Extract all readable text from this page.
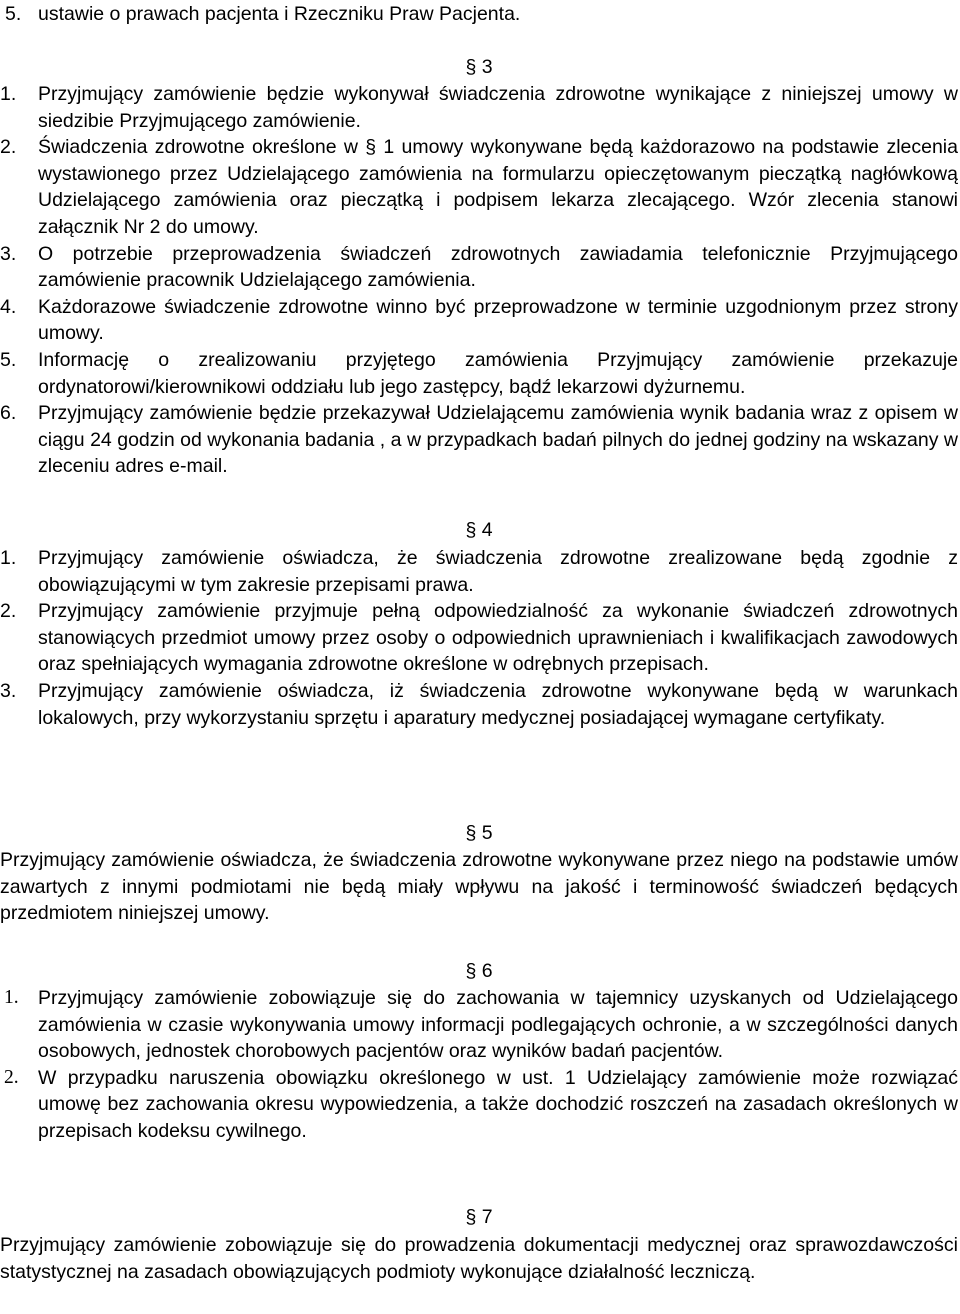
5. ustawie o prawach pacjenta i Rzeczniku Praw Pacjenta.
§ 3
1. Przyjmujący zamówienie będzie wykonywał świadczenia zdrowotne wynikające z niniejszej umowy w siedzibie Przyjmującego zamówienie.
2. Świadczenia zdrowotne określone w § 1 umowy wykonywane będą każdorazowo na podstawie zlecenia wystawionego przez Udzielającego zamówienia na formularzu opieczętowanym pieczątką nagłówkową Udzielającego zamówienia oraz pieczątką i podpisem lekarza zlecającego. Wzór zlecenia stanowi załącznik Nr 2 do umowy.
3. O potrzebie przeprowadzenia świadczeń zdrowotnych zawiadamia telefonicznie Przyjmującego zamówienie pracownik Udzielającego zamówienia.
4. Każdorazowe świadczenie zdrowotne winno być przeprowadzone w terminie uzgodnionym przez strony umowy.
5. Informację o zrealizowaniu przyjętego zamówienia Przyjmujący zamówienie przekazuje ordynatorowi/kierownikowi oddziału lub jego zastępcy, bądź lekarzowi dyżurnemu.
6. Przyjmujący zamówienie będzie przekazywał Udzielającemu zamówienia wynik badania wraz z opisem w ciągu 24 godzin od wykonania badania , a w przypadkach badań pilnych do jednej godziny na wskazany w zleceniu adres e-mail.
§ 4
1. Przyjmujący zamówienie oświadcza, że świadczenia zdrowotne zrealizowane będą zgodnie z obowiązującymi w tym zakresie przepisami prawa.
2. Przyjmujący zamówienie przyjmuje pełną odpowiedzialność za wykonanie świadczeń zdrowotnych stanowiących przedmiot umowy przez osoby o odpowiednich uprawnieniach i kwalifikacjach zawodowych oraz spełniających wymagania zdrowotne określone w odrębnych przepisach.
3. Przyjmujący zamówienie oświadcza, iż świadczenia zdrowotne wykonywane będą w warunkach lokalowych, przy wykorzystaniu sprzętu i aparatury medycznej posiadającej wymagane certyfikaty.
§ 5
Przyjmujący zamówienie oświadcza, że świadczenia zdrowotne wykonywane przez niego na podstawie umów zawartych z innymi podmiotami nie będą miały wpływu na jakość i terminowość świadczeń będących przedmiotem niniejszej umowy.
§ 6
1. Przyjmujący zamówienie zobowiązuje się do zachowania w tajemnicy uzyskanych od Udzielającego zamówienia w czasie wykonywania umowy informacji podlegających ochronie, a w szczególności danych osobowych, jednostek chorobowych pacjentów oraz wyników badań pacjentów.
2. W przypadku naruszenia obowiązku określonego w ust. 1 Udzielający zamówienie może rozwiązać umowę bez zachowania okresu wypowiedzenia, a także dochodzić roszczeń na zasadach określonych w przepisach kodeksu cywilnego.
§ 7
Przyjmujący zamówienie zobowiązuje się do prowadzenia dokumentacji medycznej oraz sprawozdawczości statystycznej na zasadach obowiązujących podmioty wykonujące działalność leczniczą.
